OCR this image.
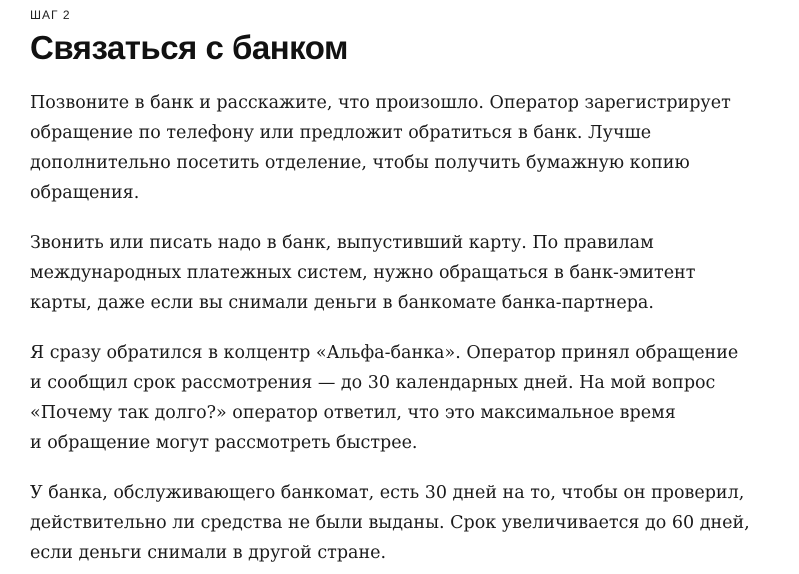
ШАГ 2
Связаться с банком

Позвоните в банк и расскажите, что произошло. Оператор зарегистрирует
обращение по телефону или предложит обратиться в банк. Лучше
дополнительно посетить отделение, чтобы получить бумажную копию
обращения.

Звонить или писать надо в банк, выпустивший карту. По правилам
международных платежных систем, нужно обращаться в банк-эмитент
карты, даже если вы снимали деньги в банкомате банка-партнера.

Я сразу обратился в колцентр «Альфа-банка». Оператор принял обращение
и сообщил срок рассмотрения — до 30 календарных дней. На мой вопрос
«Почему так долго?» оператор ответил, что это максимальное время
и обращение могут рассмотреть быстрее.

У банка, обслуживающего банкомат, есть 30 дней на то, чтобы он проверил,
действительно ли средства не были выданы. Срок увеличивается до 60 дней,
если деньги снимали в другой стране.
